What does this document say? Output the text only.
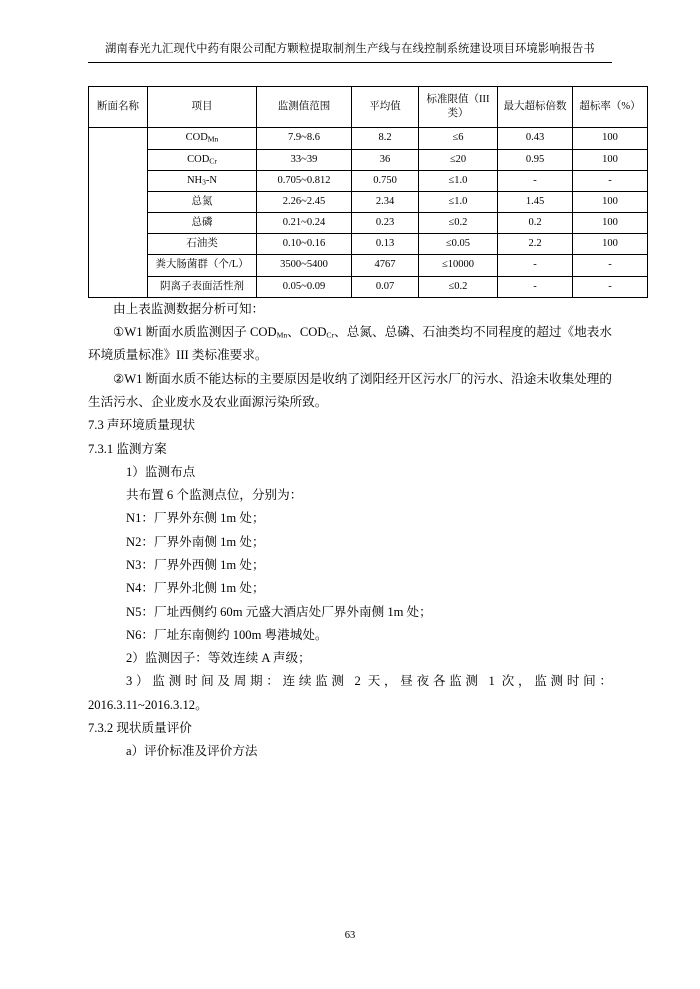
湖南春光九汇现代中药有限公司配方颗粒提取制剂生产线与在线控制系统建设项目环境影响报告书
断面名称	项目	监测值范围	平均值	标准限值（III 类）	最大超标倍数	超标率（%）
	$COD_{Mn}$	7.9~8.6	8.2	≤6	0.43	100
	$COD_{Cr}$	33~39	36	≤20	0.95	100
	$NH_3-N$	0.705~0.812	0.750	≤1.0	-	-
	总氮	2.26~2.45	2.34	≤1.0	1.45	100
	总磷	0.21~0.24	0.23	≤0.2	0.2	100
	石油类	0.10~0.16	0.13	≤0.05	2.2	100
	粪大肠菌群（个/L）	3500~5400	4767	≤10000	-	-
	阴离子表面活性剂	0.05~0.09	0.07	≤0.2	-	-

由上表监测数据分析可知：

①W1 断面水质监测因子 $COD_{Mn}$、$COD_{Cr}$、总氮、总磷、石油类均不同程度的超过《地表水环境质量标准》III 类标准要求。

②W1 断面水质不能达标的主要原因是收纳了浏阳经开区污水厂的污水、沿途未收集处理的生活污水、企业废水及农业面源污染所致。

7.3 声环境质量现状

7.3.1 监测方案

1）监测布点

共布置 6 个监测点位，分别为：

N1：厂界外东侧 1m 处；

N2：厂界外南侧 1m 处；

N3：厂界外西侧 1m 处；

N4：厂界外北侧 1m 处；

N5：厂址西侧约 60m 元盛大酒店处厂界外南侧 1m 处；

N6：厂址东南侧约 100m 粤港城处。

2）监测因子：等效连续 A 声级；

3）监测时间及周期：连续监测 2 天，昼夜各监测 1 次，监测时间：

2016.3.11~2016.3.12。

7.3.2 现状质量评价

a）评价标准及评价方法

63
